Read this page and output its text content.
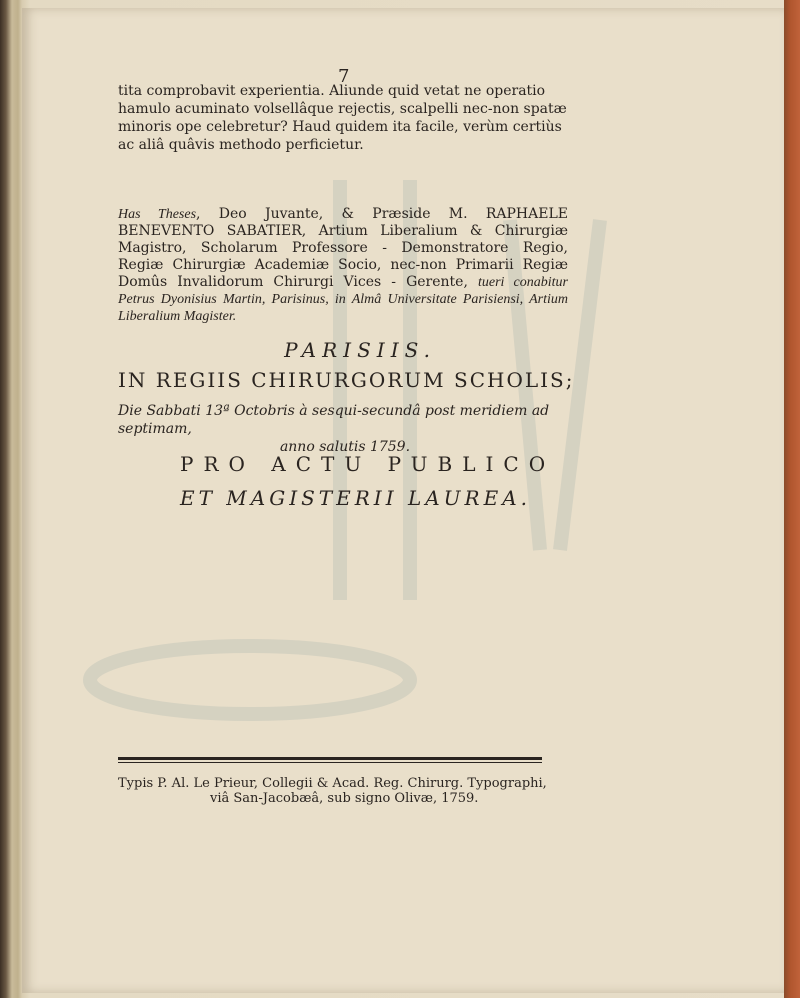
7
tita comprobavit experientia. Aliunde quid vetat ne operatio hamulo acuminato volsellâque rejectis, scalpelli nec-non spatæ minoris ope celebretur? Haud quidem ita facile, verùm certiùs ac aliâ quâvis methodo perficietur.
Has Theses, Deo Juvante, & Præside M. RAPHAELE BENEVENTO SABATIER, Artium Liberalium & Chirurgiæ Magistro, Scholarum Professore - Demonstratore Regio, Regiæ Chirurgiæ Academiæ Socio, nec-non Primarii Regiæ Domûs Invalidorum Chirurgi Vices - Gerente, tueri conabitur Petrus Dyonisius Martin, Parisinus, in Almâ Universitate Parisiensi, Artium Liberalium Magister.
PARISIIS.
IN REGIIS CHIRURGORUM SCHOLIS;
Die Sabbati 13ª Octobris à sesqui-secundâ post meridiem ad septimam,
anno salutis 1759.
PRO ACTU PUBLICO
ET MAGISTERII LAUREA.
Typis P. Al. Le Prieur, Collegii & Acad. Reg. Chirurg. Typographi,
viâ San-Jacobæâ, sub signo Olivæ, 1759.
